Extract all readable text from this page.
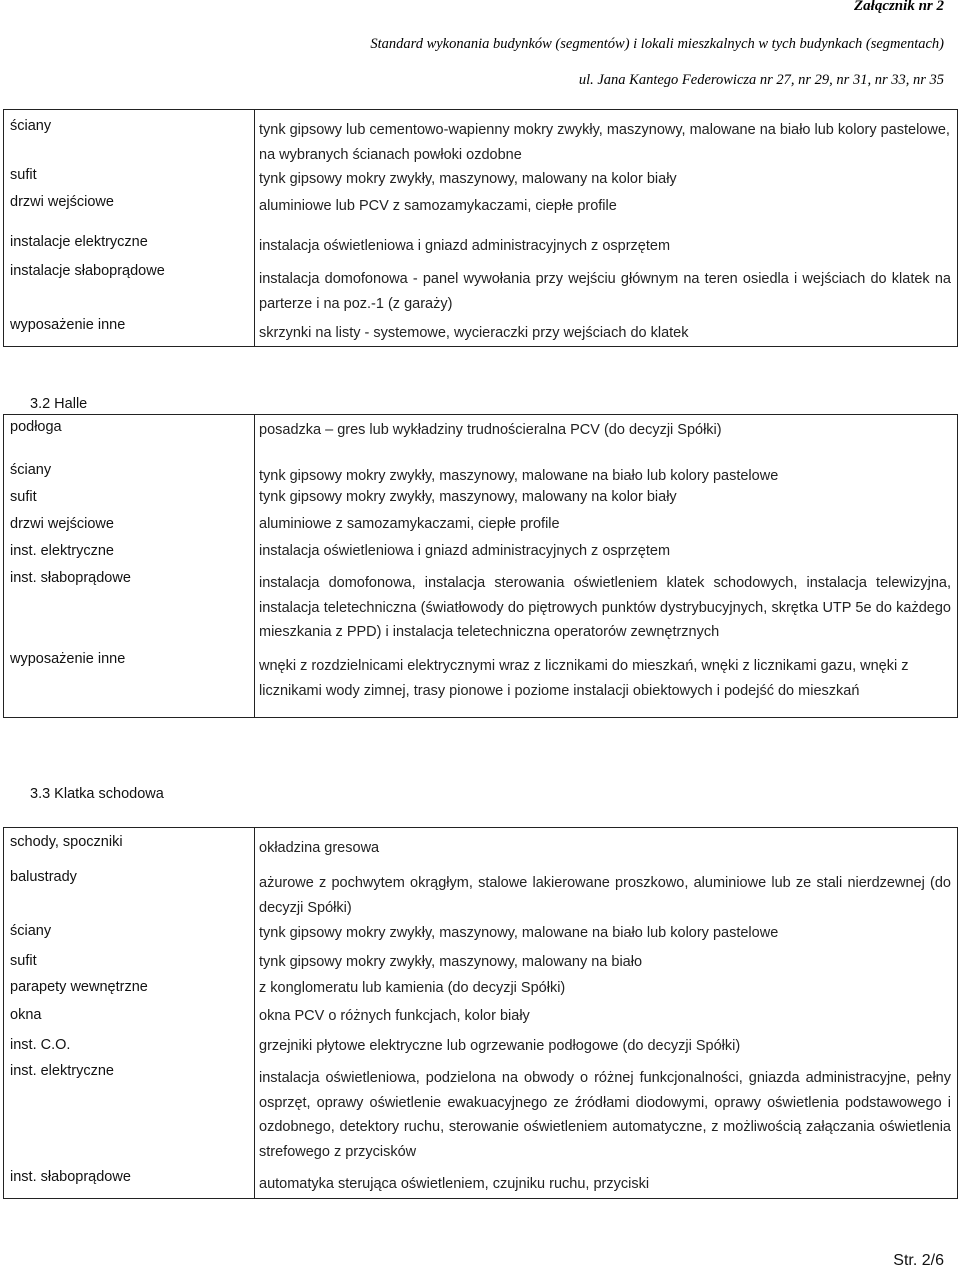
Załącznik nr 2
Standard wykonania budynków (segmentów) i lokali mieszkalnych w tych budynkach (segmentach)
ul. Jana Kantego Federowicza nr 27, nr 29, nr 31, nr 33, nr 35
ściany	tynk gipsowy lub cementowo-wapienny mokry zwykły, maszynowy, malowane na biało lub kolory pastelowe, na wybranych ścianach powłoki ozdobne
sufit	tynk gipsowy mokry zwykły, maszynowy, malowany na kolor biały
drzwi wejściowe	aluminiowe lub PCV z samozamykaczami, ciepłe profile
instalacje elektryczne	instalacja oświetleniowa i gniazd administracyjnych z osprzętem
instalacje słaboprądowe	instalacja domofonowa - panel wywołania przy wejściu głównym na teren osiedla i wejściach do klatek na parterze i na poz.-1 (z garaży)
wyposażenie inne	skrzynki na listy - systemowe, wycieraczki przy wejściach do klatek
3.2 Halle
podłoga	posadzka – gres lub wykładziny trudnościeralna PCV (do decyzji Spółki)
ściany	tynk gipsowy mokry zwykły, maszynowy, malowane na biało lub kolory pastelowe
sufit	tynk gipsowy mokry zwykły, maszynowy, malowany na kolor biały
drzwi wejściowe	aluminiowe z samozamykaczami, ciepłe profile
inst. elektryczne	instalacja oświetleniowa i gniazd administracyjnych z osprzętem
inst. słaboprądowe	instalacja domofonowa, instalacja sterowania oświetleniem klatek schodowych, instalacja telewizyjna, instalacja teletechniczna (światłowody do piętrowych punktów dystrybucyjnych, skrętka UTP 5e do każdego mieszkania z PPD) i instalacja teletechniczna operatorów zewnętrznych
wyposażenie inne	wnęki z rozdzielnicami elektrycznymi wraz z licznikami do mieszkań, wnęki z licznikami gazu, wnęki z licznikami wody zimnej, trasy pionowe i poziome instalacji obiektowych i podejść do mieszkań
3.3 Klatka schodowa
schody, spoczniki	okładzina gresowa
balustrady	ażurowe z pochwytem okrągłym, stalowe lakierowane proszkowo, aluminiowe lub ze stali nierdzewnej (do decyzji Spółki)
ściany	tynk gipsowy mokry zwykły, maszynowy, malowane na biało lub kolory pastelowe
sufit	tynk gipsowy mokry zwykły, maszynowy, malowany na biało
parapety wewnętrzne	z konglomeratu lub kamienia (do decyzji Spółki)
okna	okna PCV o różnych funkcjach, kolor biały
inst. C.O.	grzejniki płytowe elektryczne lub ogrzewanie podłogowe (do decyzji Spółki)
inst. elektryczne	instalacja oświetleniowa, podzielona na obwody o różnej funkcjonalności, gniazda administracyjne, pełny osprzęt, oprawy oświetlenie ewakuacyjnego ze źródłami diodowymi, oprawy oświetlenia podstawowego i ozdobnego, detektory ruchu, sterowanie oświetleniem automatyczne, z możliwością załączania oświetlenia strefowego z przycisków
inst. słaboprądowe	automatyka sterująca oświetleniem, czujniku ruchu, przyciski
Str. 2/6
